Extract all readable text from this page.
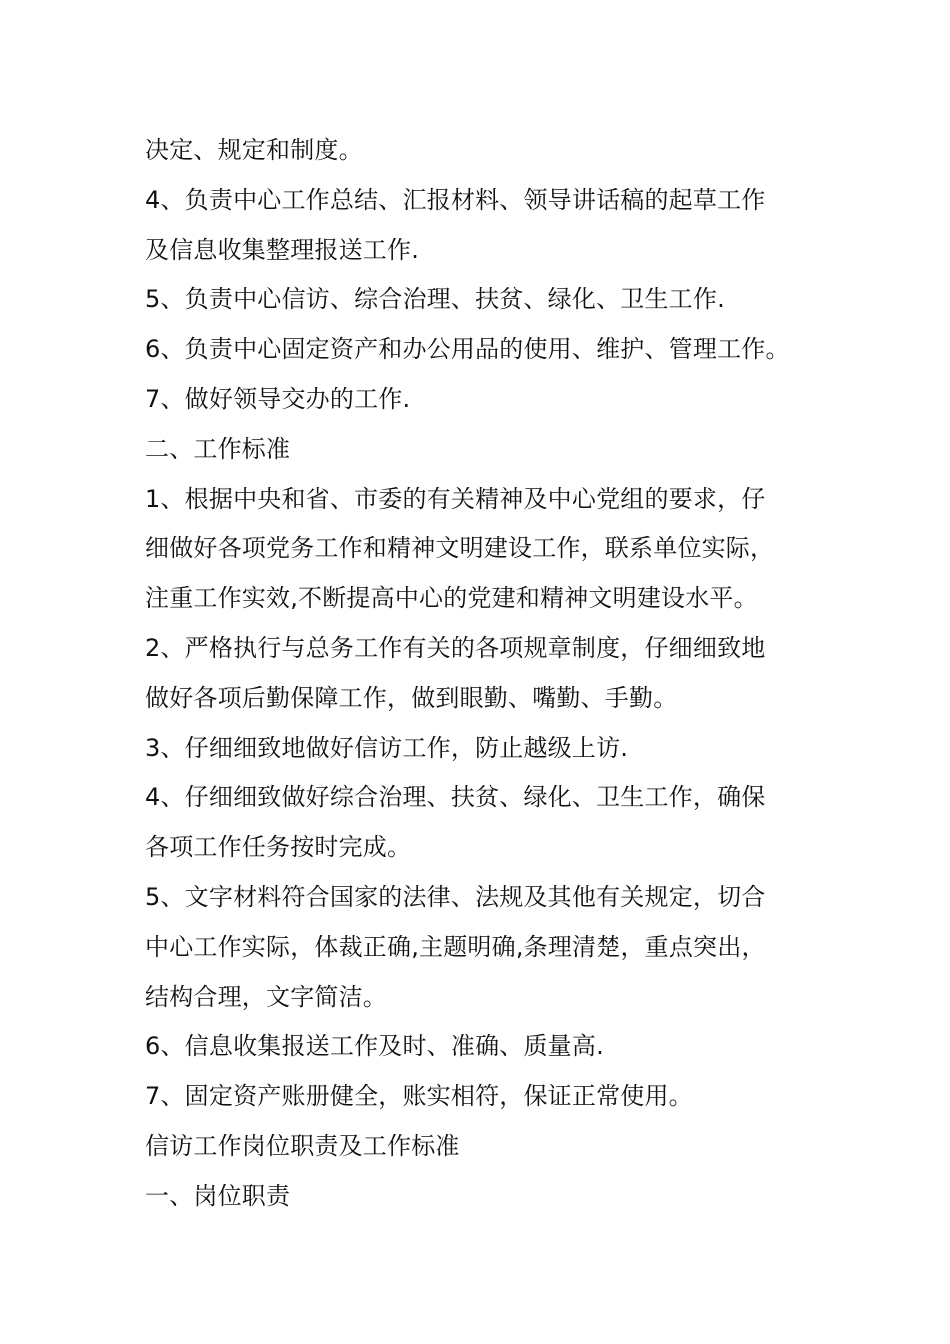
决定、规定和制度。
4、负责中心工作总结、汇报材料、领导讲话稿的起草工作
及信息收集整理报送工作.
5、负责中心信访、综合治理、扶贫、绿化、卫生工作.
6、负责中心固定资产和办公用品的使用、维护、管理工作。
7、做好领导交办的工作.
二、工作标准
1、根据中央和省、市委的有关精神及中心党组的要求，仔
细做好各项党务工作和精神文明建设工作，联系单位实际，
注重工作实效,不断提高中心的党建和精神文明建设水平。
2、严格执行与总务工作有关的各项规章制度，仔细细致地
做好各项后勤保障工作，做到眼勤、嘴勤、手勤。
3、仔细细致地做好信访工作，防止越级上访.
4、仔细细致做好综合治理、扶贫、绿化、卫生工作，确保
各项工作任务按时完成。
5、文字材料符合国家的法律、法规及其他有关规定，切合
中心工作实际，体裁正确,主题明确,条理清楚，重点突出，
结构合理，文字简洁。
6、信息收集报送工作及时、准确、质量高.
7、固定资产账册健全，账实相符，保证正常使用。
信访工作岗位职责及工作标准
一、岗位职责
